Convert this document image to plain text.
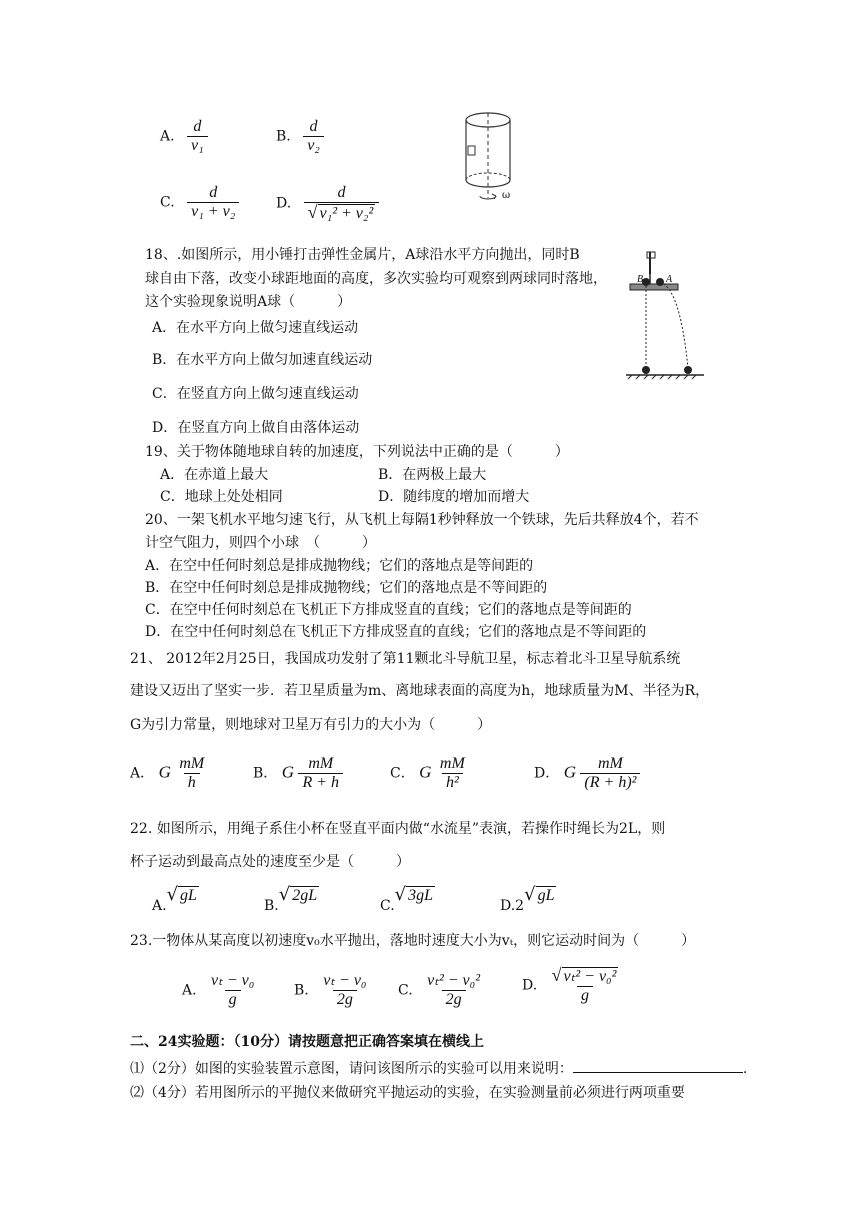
A. $\frac{d}{\text{v₁}}$	B. $\frac{d}{\text{v₂}}$
C. $\frac{d}{\text{v₁ + v₂}}$	D. $\frac{d}{\text{√ v₁² + v₂²}}$	ω
18、.如图所示，用小锤打击弹性金属片，A球沿水平方向抛出，同时B
球自由下落，改变小球距地面的高度，多次实验均可观察到两球同时落地，
这个实验现象说明A球（　　　）
A．在水平方向上做匀速直线运动
B．在水平方向上做匀加速直线运动
C．在竖直方向上做匀速直线运动
D．在竖直方向上做自由落体运动
B A
19、关于物体随地球自转的加速度，下列说法中正确的是（　　　）
A．在赤道上最大	B．在两极上最大
C．地球上处处相同	D．随纬度的增加而增大
20、一架飞机水平地匀速飞行，从飞机上每隔1秒钟释放一个铁球，先后共释放4个，若不
计空气阻力，则四个小球　（　　　）
A．在空中任何时刻总是排成抛物线；它们的落地点是等间距的
B．在空中任何时刻总是排成抛物线；它们的落地点是不等间距的
C．在空中任何时刻总在飞机正下方排成竖直的直线；它们的落地点是等间距的
D．在空中任何时刻总在飞机正下方排成竖直的直线；它们的落地点是不等间距的
21、 2012年2月25日，我国成功发射了第11颗北斗导航卫星，标志着北斗卫星导航系统
建设又迈出了坚实一步．若卫星质量为m、离地球表面的高度为h，地球质量为M、半径为R，
G为引力常量，则地球对卫星万有引力的大小为（　　　）
A． G $\frac{mM}{h}$	B． G $\frac{mM}{R + h}$	C． G $\frac{mM}{\text{h²}}$	D． G $\frac{mM}{\text{(R + h)²}}$
22. 如图所示，用绳子系住小杯在竖直平面内做“水流星”表演，若操作时绳长为2L，则
杯子运动到最高点处的速度至少是（　　　）
A.√ gL
B.√ 2gL
C.√ 3gL
D.2√ gL
23.一物体从某高度以初速度v₀水平抛出，落地时速度大小为vₜ，则它运动时间为（　　　）
A. $\frac{\text{vₜ − v₀}}{g}$	B. $\frac{\text{vₜ − v₀}}{2g} C$. $\frac{\text{vₜ² − v₀²}}{2g}$	D. $\frac{\text{√ vₜ² − v₀²}}{g}$
二、24实验题：（10分）请按题意把正确答案填在横线上
⑴（2分）如图的实验装置示意图，请问该图所示的实验可以用来说明：	.
⑵（4分）若用图所示的平抛仪来做研究平抛运动的实验，在实验测量前必须进行两项重要
